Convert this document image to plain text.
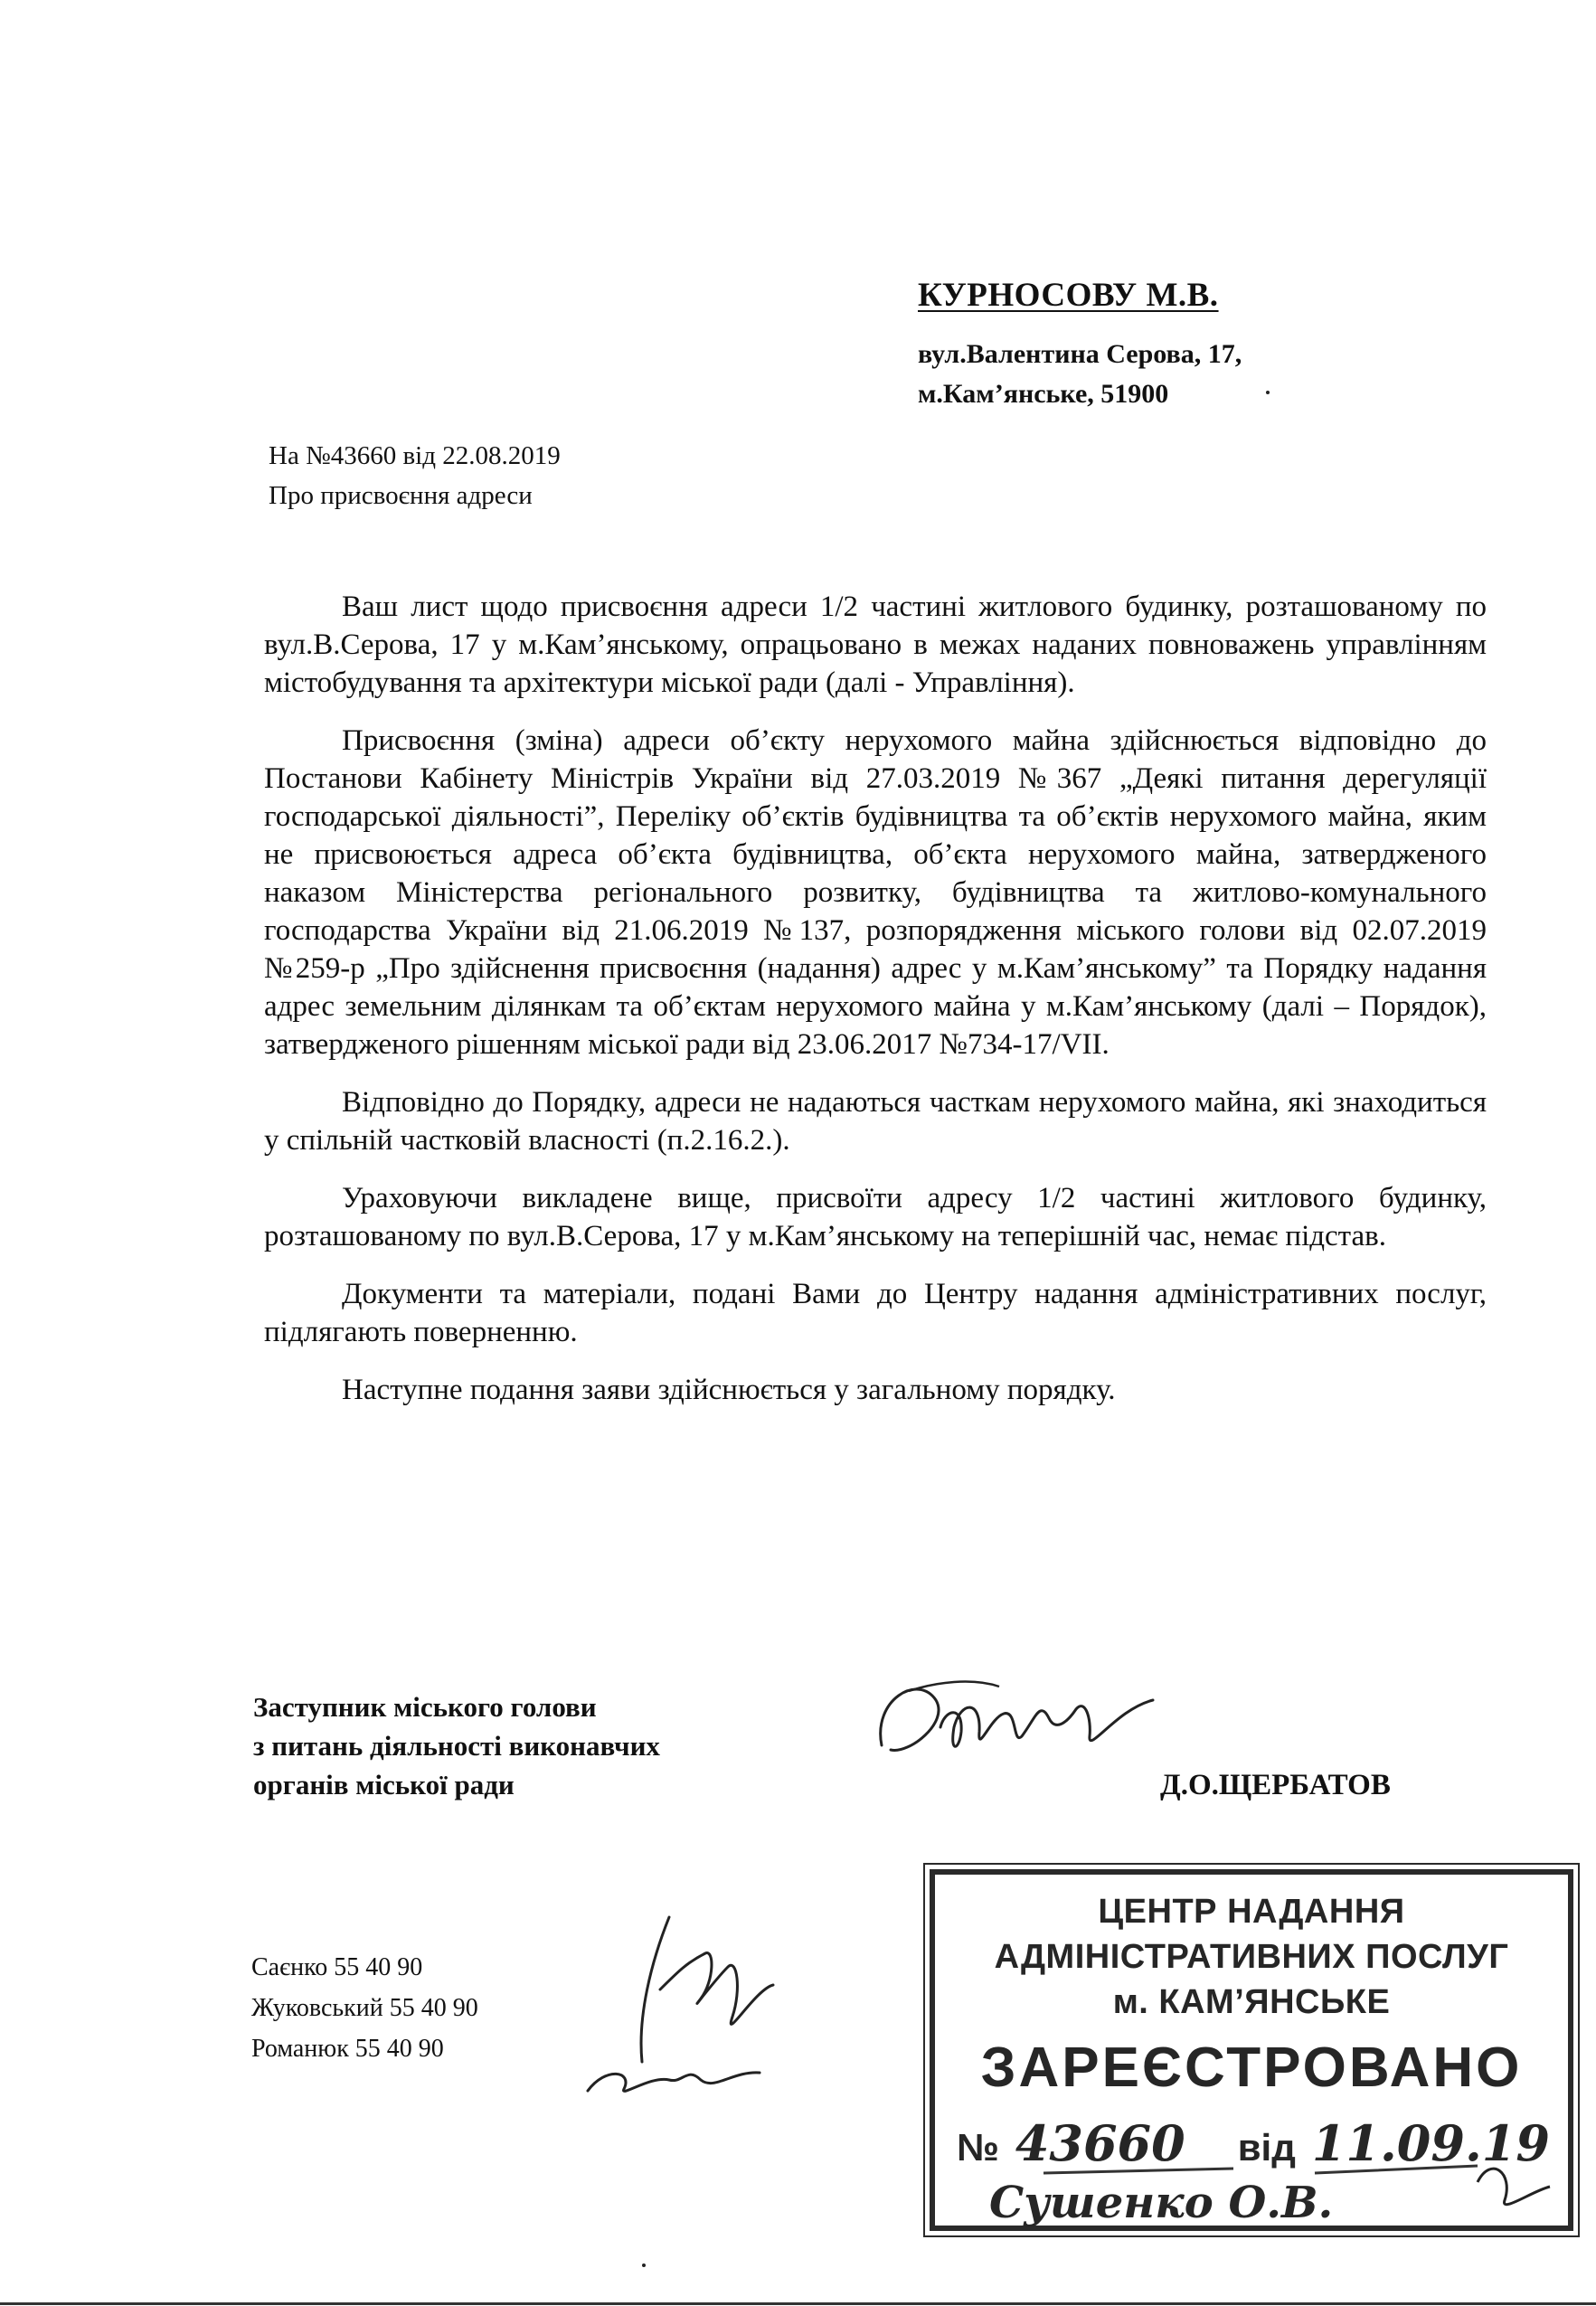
КУРНОСОВУ М.В.
вул.Валентина Серова, 17,
м.Кам’янське, 51900
На №43660 від 22.08.2019
Про присвоєння адреси

Ваш лист щодо присвоєння адреси 1/2 частині житлового будинку, розташованому по вул.В.Серова, 17 у м.Кам’янському, опрацьовано в межах наданих повноважень управлінням містобудування та архітектури міської ради (далі - Управління).

Присвоєння (зміна) адреси об’єкту нерухомого майна здійснюється відповідно до Постанови Кабінету Міністрів України від 27.03.2019 №367 „Деякі питання дерегуляції господарської діяльності”, Переліку об’єктів будівництва та об’єктів нерухомого майна, яким не присвоюється адреса об’єкта будівництва, об’єкта нерухомого майна, затвердженого наказом Міністерства регіонального розвитку, будівництва та житлово-комунального господарства України від 21.06.2019 №137, розпорядження міського голови від 02.07.2019 №259-р „Про здійснення присвоєння (надання) адрес у м.Кам’янському” та Порядку надання адрес земельним ділянкам та об’єктам нерухомого майна у м.Кам’янському (далі – Порядок), затвердженого рішенням міської ради від 23.06.2017 №734-17/VII.

Відповідно до Порядку, адреси не надаються часткам нерухомого майна, які знаходиться у спільній частковій власності (п.2.16.2.).

Ураховуючи викладене вище, присвоїти адресу 1/2 частині житлового будинку, розташованому по вул.В.Серова, 17 у м.Кам’янському на теперішній час, немає підстав.

Документи та матеріали, подані Вами до Центру надання адміністративних послуг, підлягають поверненню.

Наступне подання заяви здійснюється у загальному порядку.

Заступник міського голови
з питань діяльності виконавчих
органів міської ради	Д.О.ЩЕРБАТОВ
Саєнко 55 40 90
Жуковський 55 40 90
Романюк 55 40 90
ЦЕНТР НАДАННЯ
АДМІНІСТРАТИВНИХ ПОСЛУГ
м. КАМ’ЯНСЬКЕ
ЗАРЕЄСТРОВАНО
№ 43660 від 11.09.19
Сушенко О.В.
